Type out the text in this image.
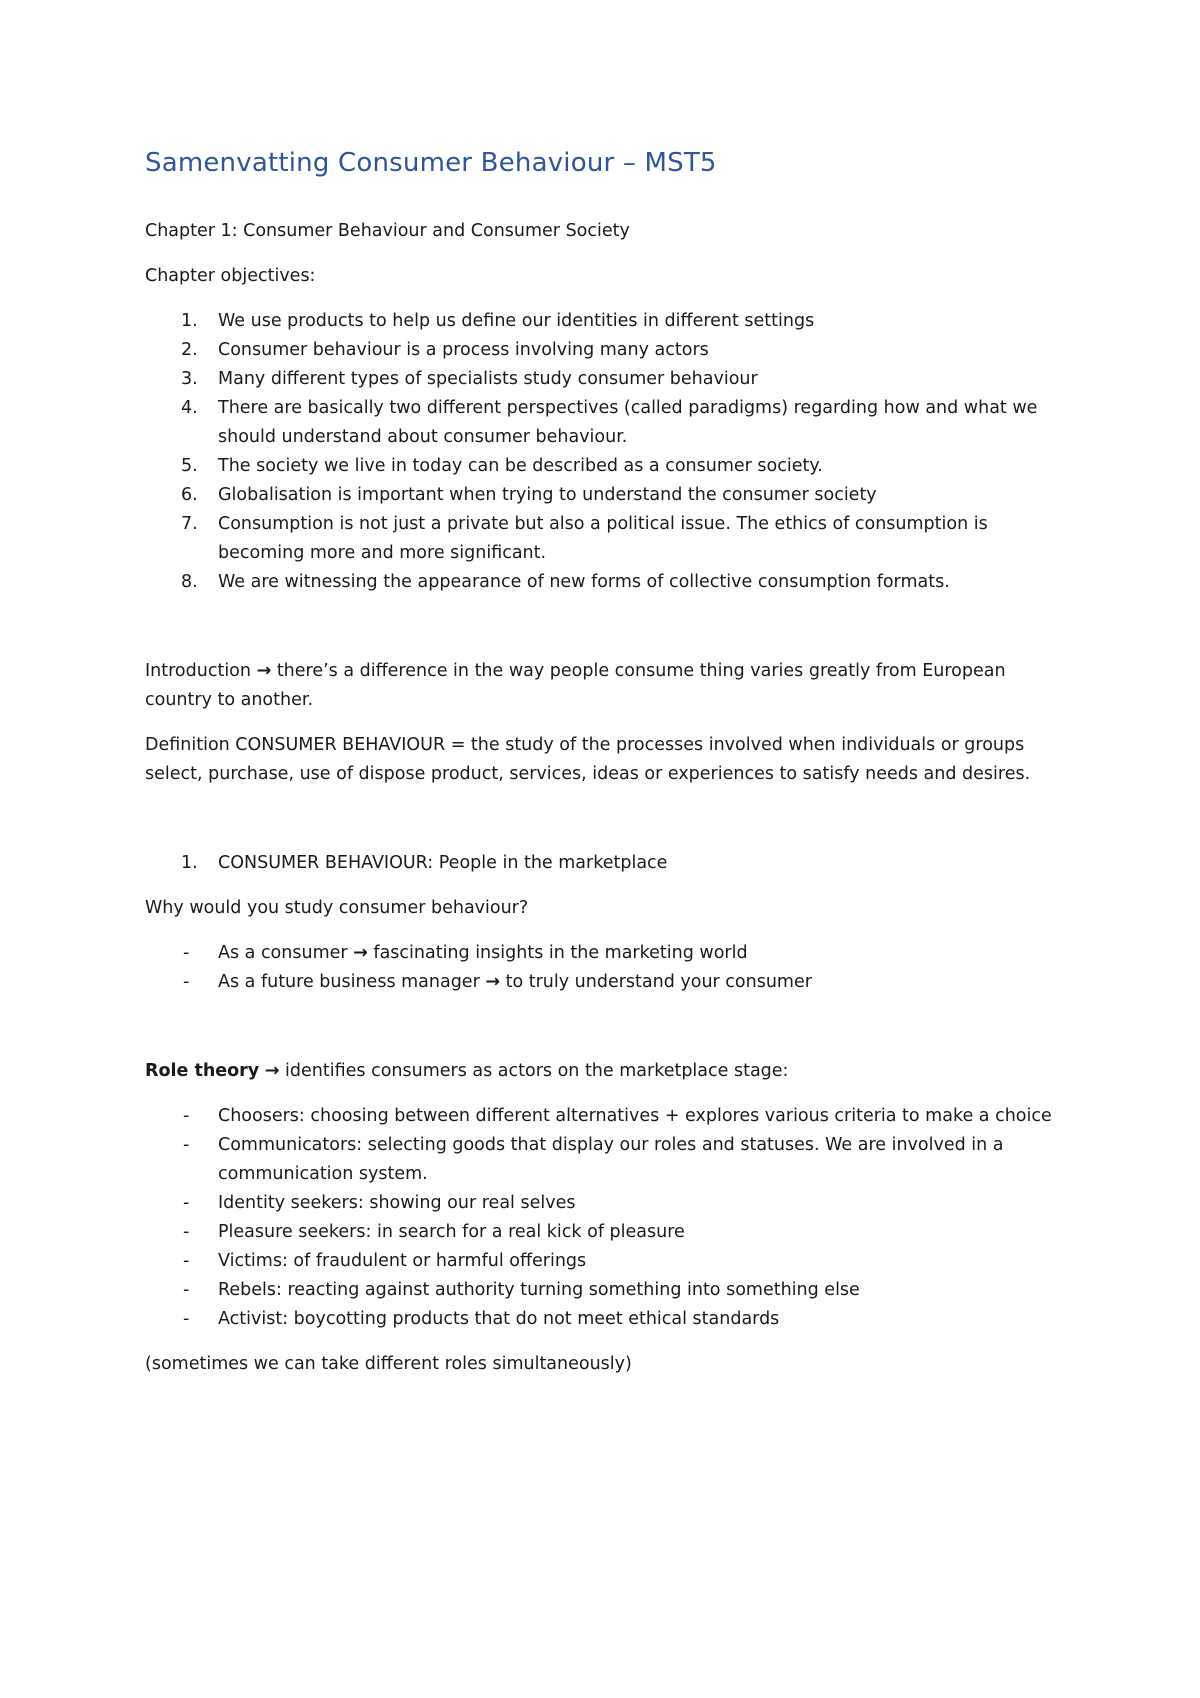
Samenvatting Consumer Behaviour – MST5

Chapter 1: Consumer Behaviour and Consumer Society

Chapter objectives:

1.	We use products to help us define our identities in different settings
2.	Consumer behaviour is a process involving many actors
3.	Many different types of specialists study consumer behaviour
4.	There are basically two different perspectives (called paradigms) regarding how and what we should understand about consumer behaviour.
5.	The society we live in today can be described as a consumer society.
6.	Globalisation is important when trying to understand the consumer society
7.	Consumption is not just a private but also a political issue. The ethics of consumption is becoming more and more significant.
8.	We are witnessing the appearance of new forms of collective consumption formats.

Introduction → there’s a difference in the way people consume thing varies greatly from European country to another.

Definition CONSUMER BEHAVIOUR = the study of the processes involved when individuals or groups select, purchase, use of dispose product, services, ideas or experiences to satisfy needs and desires.

1.	CONSUMER BEHAVIOUR: People in the marketplace

Why would you study consumer behaviour?

-	As a consumer → fascinating insights in the marketing world
-	As a future business manager → to truly understand your consumer

Role theory → identifies consumers as actors on the marketplace stage:

-	Choosers: choosing between different alternatives + explores various criteria to make a choice
-	Communicators: selecting goods that display our roles and statuses. We are involved in a communication system.
-	Identity seekers: showing our real selves
-	Pleasure seekers: in search for a real kick of pleasure
-	Victims: of fraudulent or harmful offerings
-	Rebels: reacting against authority turning something into something else
-	Activist: boycotting products that do not meet ethical standards

(sometimes we can take different roles simultaneously)
